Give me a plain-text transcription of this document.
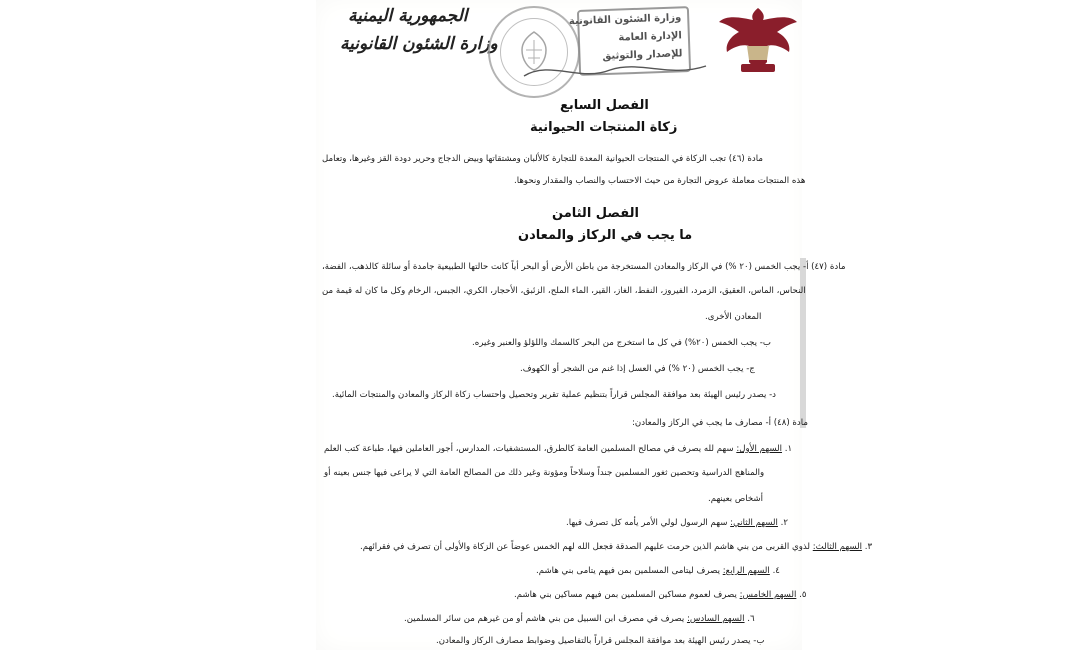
الجمهورية اليمنية
وزارة الشئون القانونية
وزارة الشئون القانونية
الإدارة العامة
للإصدار والتوثيق
الفصل السابع
زكاة المنتجات الحيوانية
مادة (٤٦) تجب الزكاة في المنتجات الحيوانية المعدة للتجارة كالألبان ومشتقاتها وبيض الدجاج وحرير دودة القز وغيرها، وتعامل
هذه المنتجات معاملة عروض التجارة من حيث الاحتساب والنصاب والمقدار ونحوها.
الفصل الثامن
ما يجب في الركاز والمعادن
مادة (٤٧) أ- يجب الخمس (٢٠ %) في الركاز والمعادن المستخرجة من باطن الأرض أو البحر أياً كانت حالتها الطبيعية جامدة أو سائلة كالذهب، الفضة،
النحاس، الماس، العقيق، الزمرد، الفيروز، النفط، الغاز، القير، الماء الملح، الزئبق، الأحجار، الكري، الجبس، الرخام وكل ما كان له قيمة من
المعادن الأخرى.
ب- يجب الخمس (٢٠%) في كل ما استخرج من البحر كالسمك واللؤلؤ والعنبر وغيره.
ج- يجب الخمس (٢٠ %) في العسل إذا غنم من الشجر أو الكهوف.
د- يصدر رئيس الهيئة بعد موافقة المجلس قراراً بتنظيم عملية تقرير وتحصيل واحتساب زكاة الركاز والمعادن والمنتجات المائية.
مادة (٤٨) أ- مصارف ما يجب في الركاز والمعادن:
١. السهم الأول: سهم لله يصرف في مصالح المسلمين العامة كالطرق، المستشفيات، المدارس، أجور العاملين فيها، طباعة كتب العلم
والمناهج الدراسية وتحصين ثغور المسلمين جنداً وسلاحاً ومؤونة وغير ذلك من المصالح العامة التي لا يراعى فيها جنس بعينه أو
أشخاص بعينهم.
٢. السهم الثاني: سهم الرسول لولي الأمر يأمه كل تصرف فيها.
٣. السهم الثالث: لذوي القربى من بني هاشم الذين حرمت عليهم الصدقة فجعل الله لهم الخمس عوضاً عن الزكاة والأولى أن تصرف في فقرائهم.
٤. السهم الرابع: يصرف ليتامى المسلمين بمن فيهم يتامى بني هاشم.
٥. السهم الخامس: يصرف لعموم مساكين المسلمين بمن فيهم مساكين بني هاشم.
٦. السهم السادس: يصرف في مصرف ابن السبيل من بني هاشم أو من غيرهم من سائر المسلمين.
ب- يصدر رئيس الهيئة بعد موافقة المجلس قراراً بالتفاصيل وضوابط مصارف الركاز والمعادن.
